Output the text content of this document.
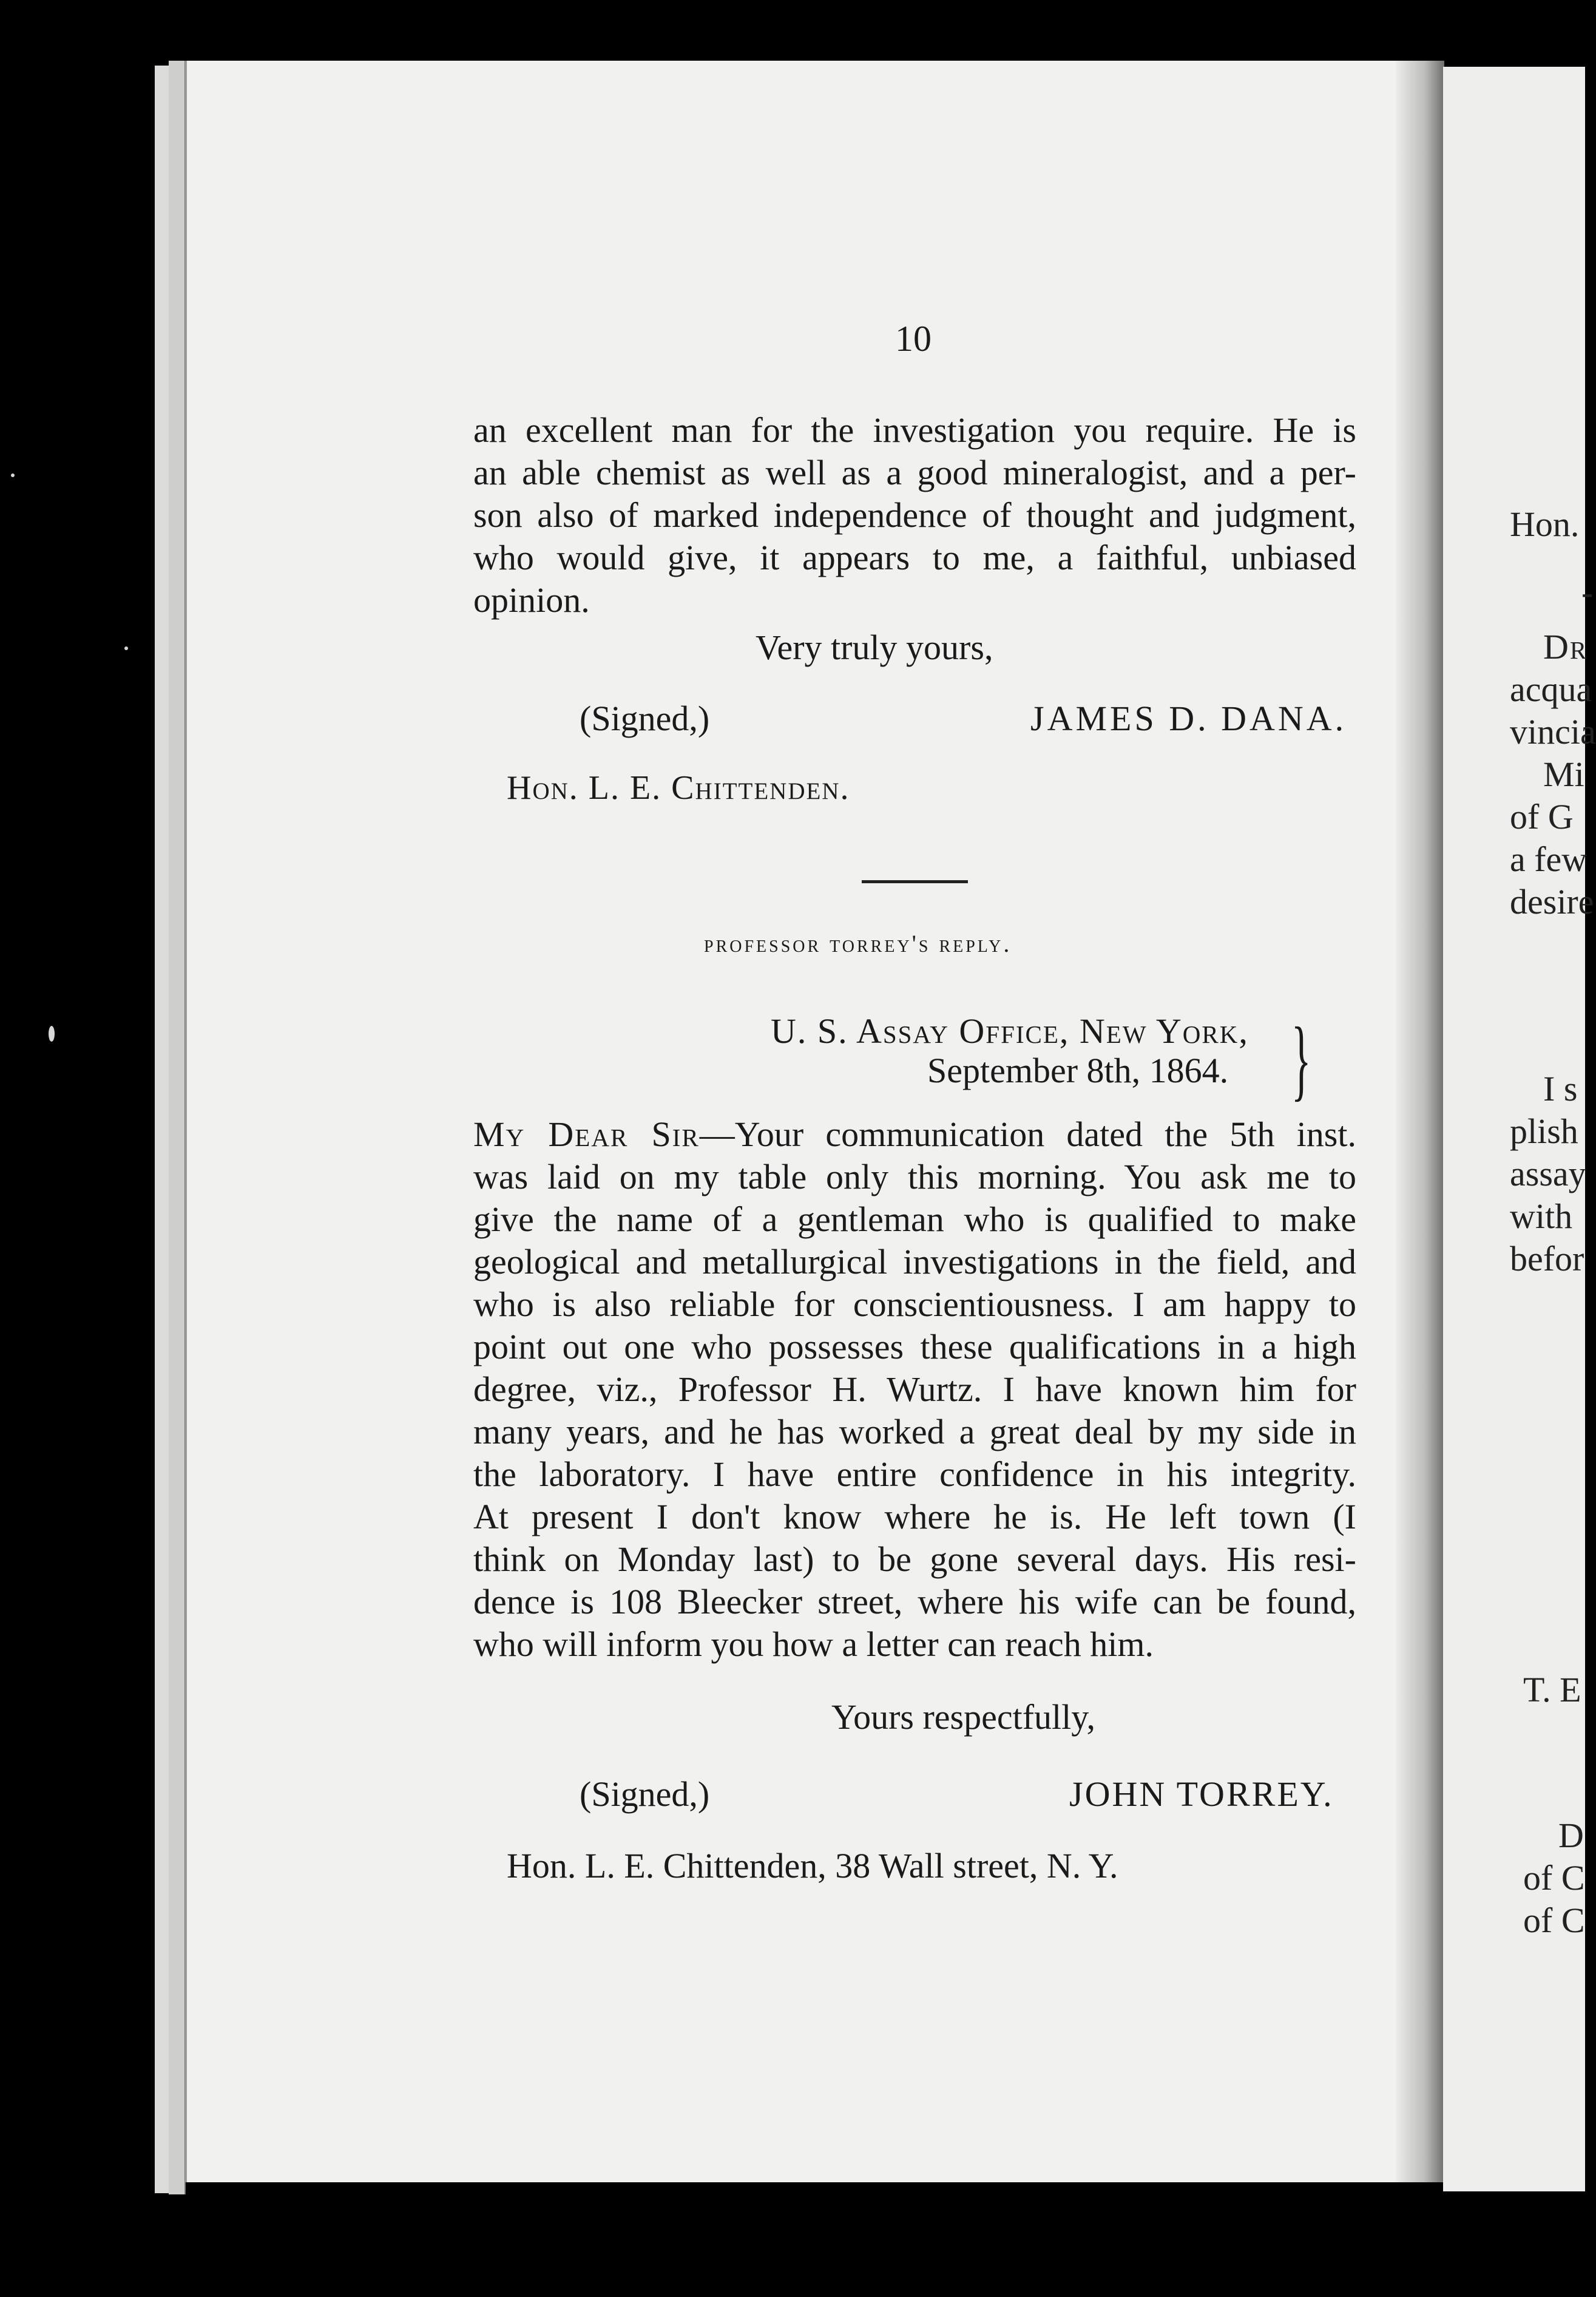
Hon.
-
Dr
acqua
vincia
Mi
of G
a few
desire
I s
plish
assay
with
befor
T. E
D
of C
of C
10
an excellent man for the investigation you require. He is
an able chemist as well as a good mineralogist, and a per-
son also of marked independence of thought and judgment,
who would give, it appears to me, a faithful, unbiased
opinion.
Very truly yours,
(Signed,)	JAMES D. DANA.
Hon. L. E. Chittenden.
professor torrey's reply.
U. S. Assay Office, New York,
September 8th, 1864. }
My Dear Sir—Your communication dated the 5th inst.
was laid on my table only this morning. You ask me to
give the name of a gentleman who is qualified to make
geological and metallurgical investigations in the field, and
who is also reliable for conscientiousness. I am happy to
point out one who possesses these qualifications in a high
degree, viz., Professor H. Wurtz. I have known him for
many years, and he has worked a great deal by my side in
the laboratory. I have entire confidence in his integrity.
At present I don't know where he is. He left town (I
think on Monday last) to be gone several days. His resi-
dence is 108 Bleecker street, where his wife can be found,
who will inform you how a letter can reach him.
Yours respectfully,
(Signed,)	JOHN TORREY.
Hon. L. E. Chittenden, 38 Wall street, N. Y.
